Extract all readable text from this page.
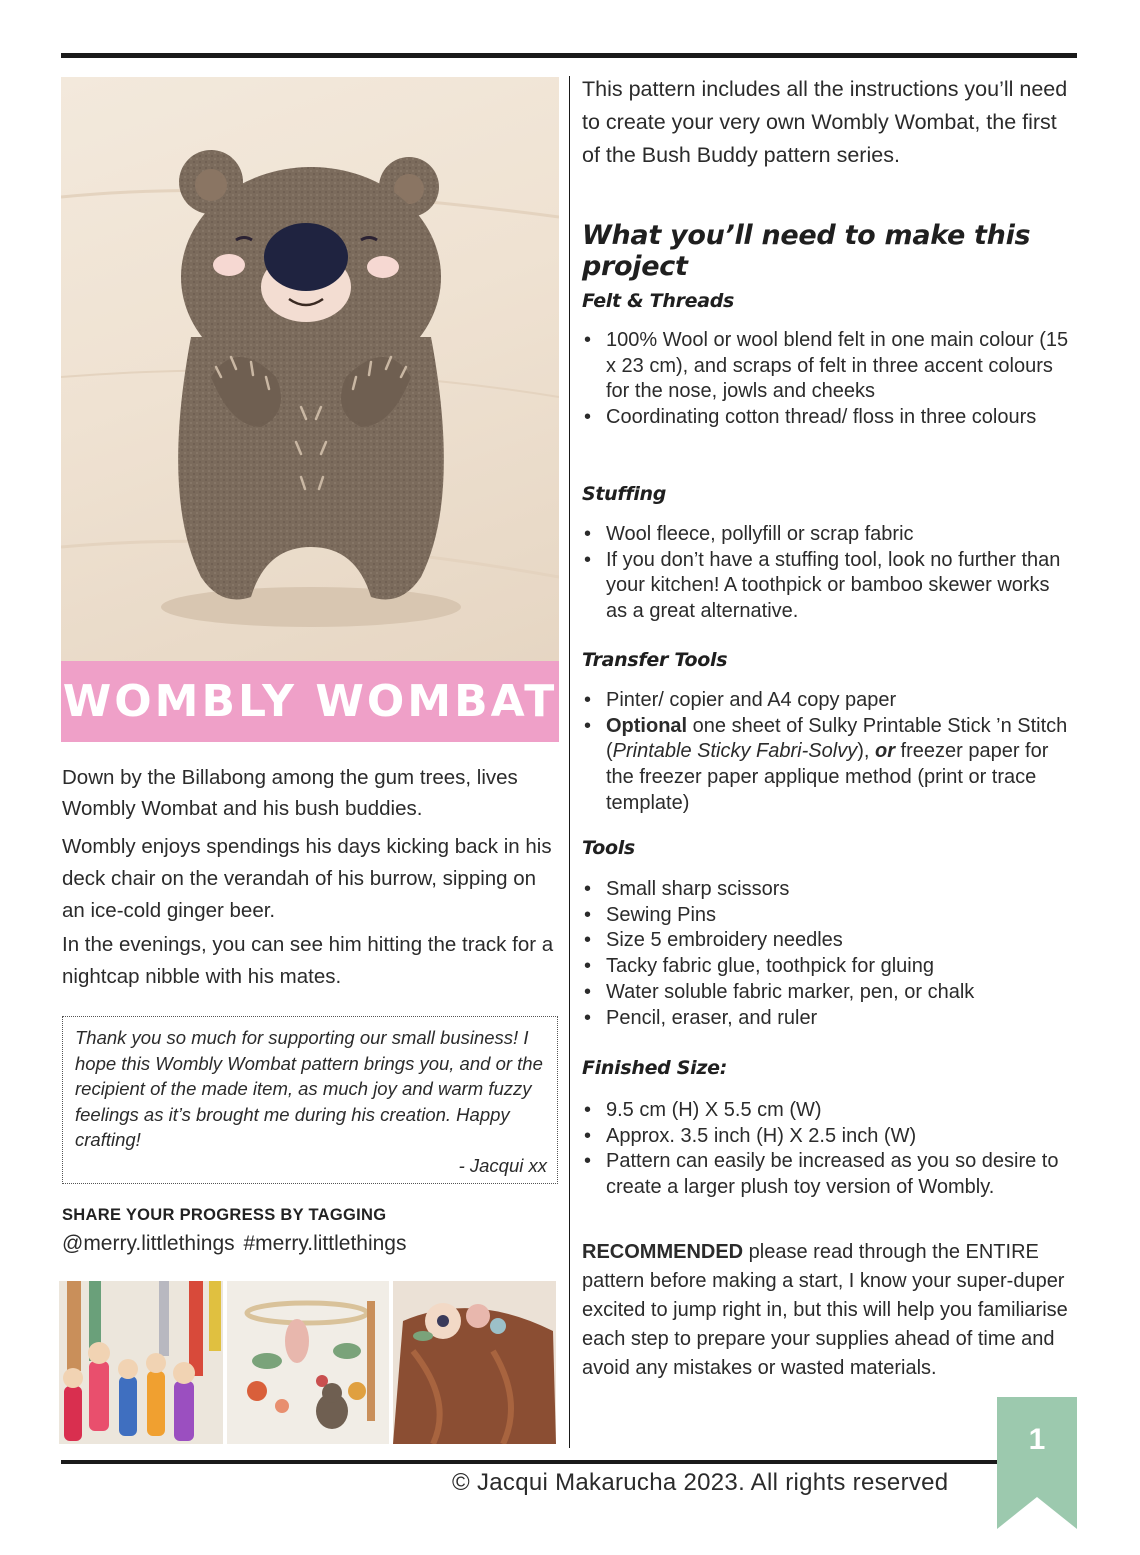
WOMBLY WOMBAT

Down by the Billabong among the gum trees, lives Wombly Wombat and his bush buddies.

Wombly enjoys spendings his days kicking back in his deck chair on the verandah of his burrow, sipping on an ice-cold ginger beer.

In the evenings, you can see him hitting the track for a nightcap nibble with his mates.

Thank you so much for supporting our small business! I hope this Wombly Wombat pattern brings you, and or the recipient of the made item, as much joy and warm fuzzy feelings as it’s brought me during his creation. Happy crafting!
- Jacqui xx
SHARE YOUR PROGRESS BY TAGGING
@merry.littlethings #merry.littlethings
This pattern includes all the instructions you’ll need to create your very own Wombly Wombat, the first of the Bush Buddy pattern series.
What you’ll need to make this project
Felt & Threads
• 100% Wool or wool blend felt in one main colour (15 x 23 cm), and scraps of felt in three accent colours for the nose, jowls and cheeks
• Coordinating cotton thread/ floss in three colours
Stuffing
• Wool fleece, pollyfill or scrap fabric
• If you don’t have a stuffing tool, look no further than your kitchen! A toothpick or bamboo skewer works as a great alternative.
Transfer Tools
• Pinter/ copier and A4 copy paper
• Optional one sheet of Sulky Printable Stick ’n Stitch (Printable Sticky Fabri-Solvy), or freezer paper for the freezer paper applique method (print or trace template)
Tools
• Small sharp scissors
• Sewing Pins
• Size 5 embroidery needles
• Tacky fabric glue, toothpick for gluing
• Water soluble fabric marker, pen, or chalk
• Pencil, eraser, and ruler
Finished Size:
• 9.5 cm (H) X 5.5 cm (W)
• Approx. 3.5 inch (H) X 2.5 inch (W)
• Pattern can easily be increased as you so desire to create a larger plush toy version of Wombly.
RECOMMENDED please read through the ENTIRE pattern before making a start, I know your super-duper excited to jump right in, but this will help you familiarise each step to prepare your supplies ahead of time and avoid any mistakes or wasted materials.
© Jacqui Makarucha 2023. All rights reserved
1
